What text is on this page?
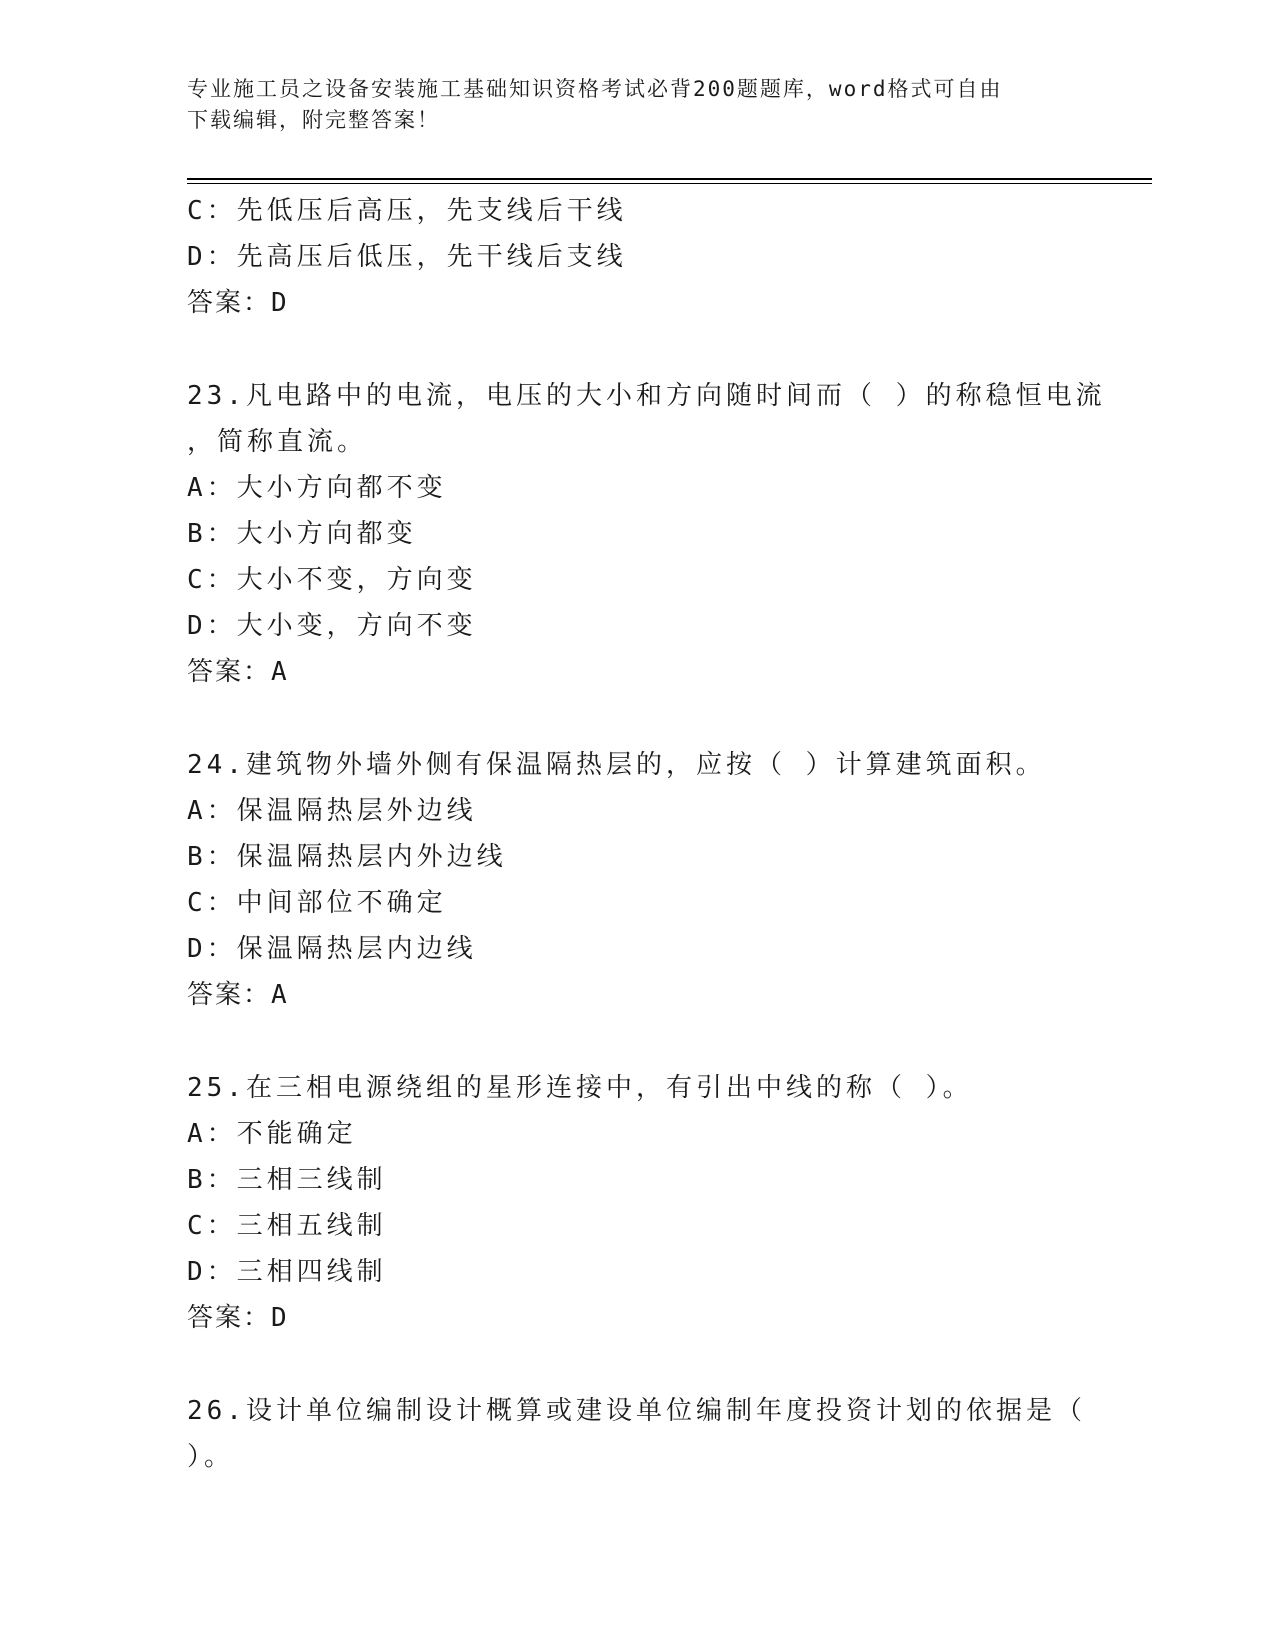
专业施工员之设备安装施工基础知识资格考试必背200题题库，word格式可自由
下载编辑，附完整答案！
C：先低压后高压，先支线后干线
D：先高压后低压，先干线后支线
答案：D
23.凡电路中的电流，电压的大小和方向随时间而（ ）的称稳恒电流
，简称直流。
A：大小方向都不变
B：大小方向都变
C：大小不变，方向变
D：大小变，方向不变
答案：A
24.建筑物外墙外侧有保温隔热层的，应按（ ）计算建筑面积。
A：保温隔热层外边线
B：保温隔热层内外边线
C：中间部位不确定
D：保温隔热层内边线
答案：A
25.在三相电源绕组的星形连接中，有引出中线的称（ ）。
A：不能确定
B：三相三线制
C：三相五线制
D：三相四线制
答案：D
26.设计单位编制设计概算或建设单位编制年度投资计划的依据是（
）。
